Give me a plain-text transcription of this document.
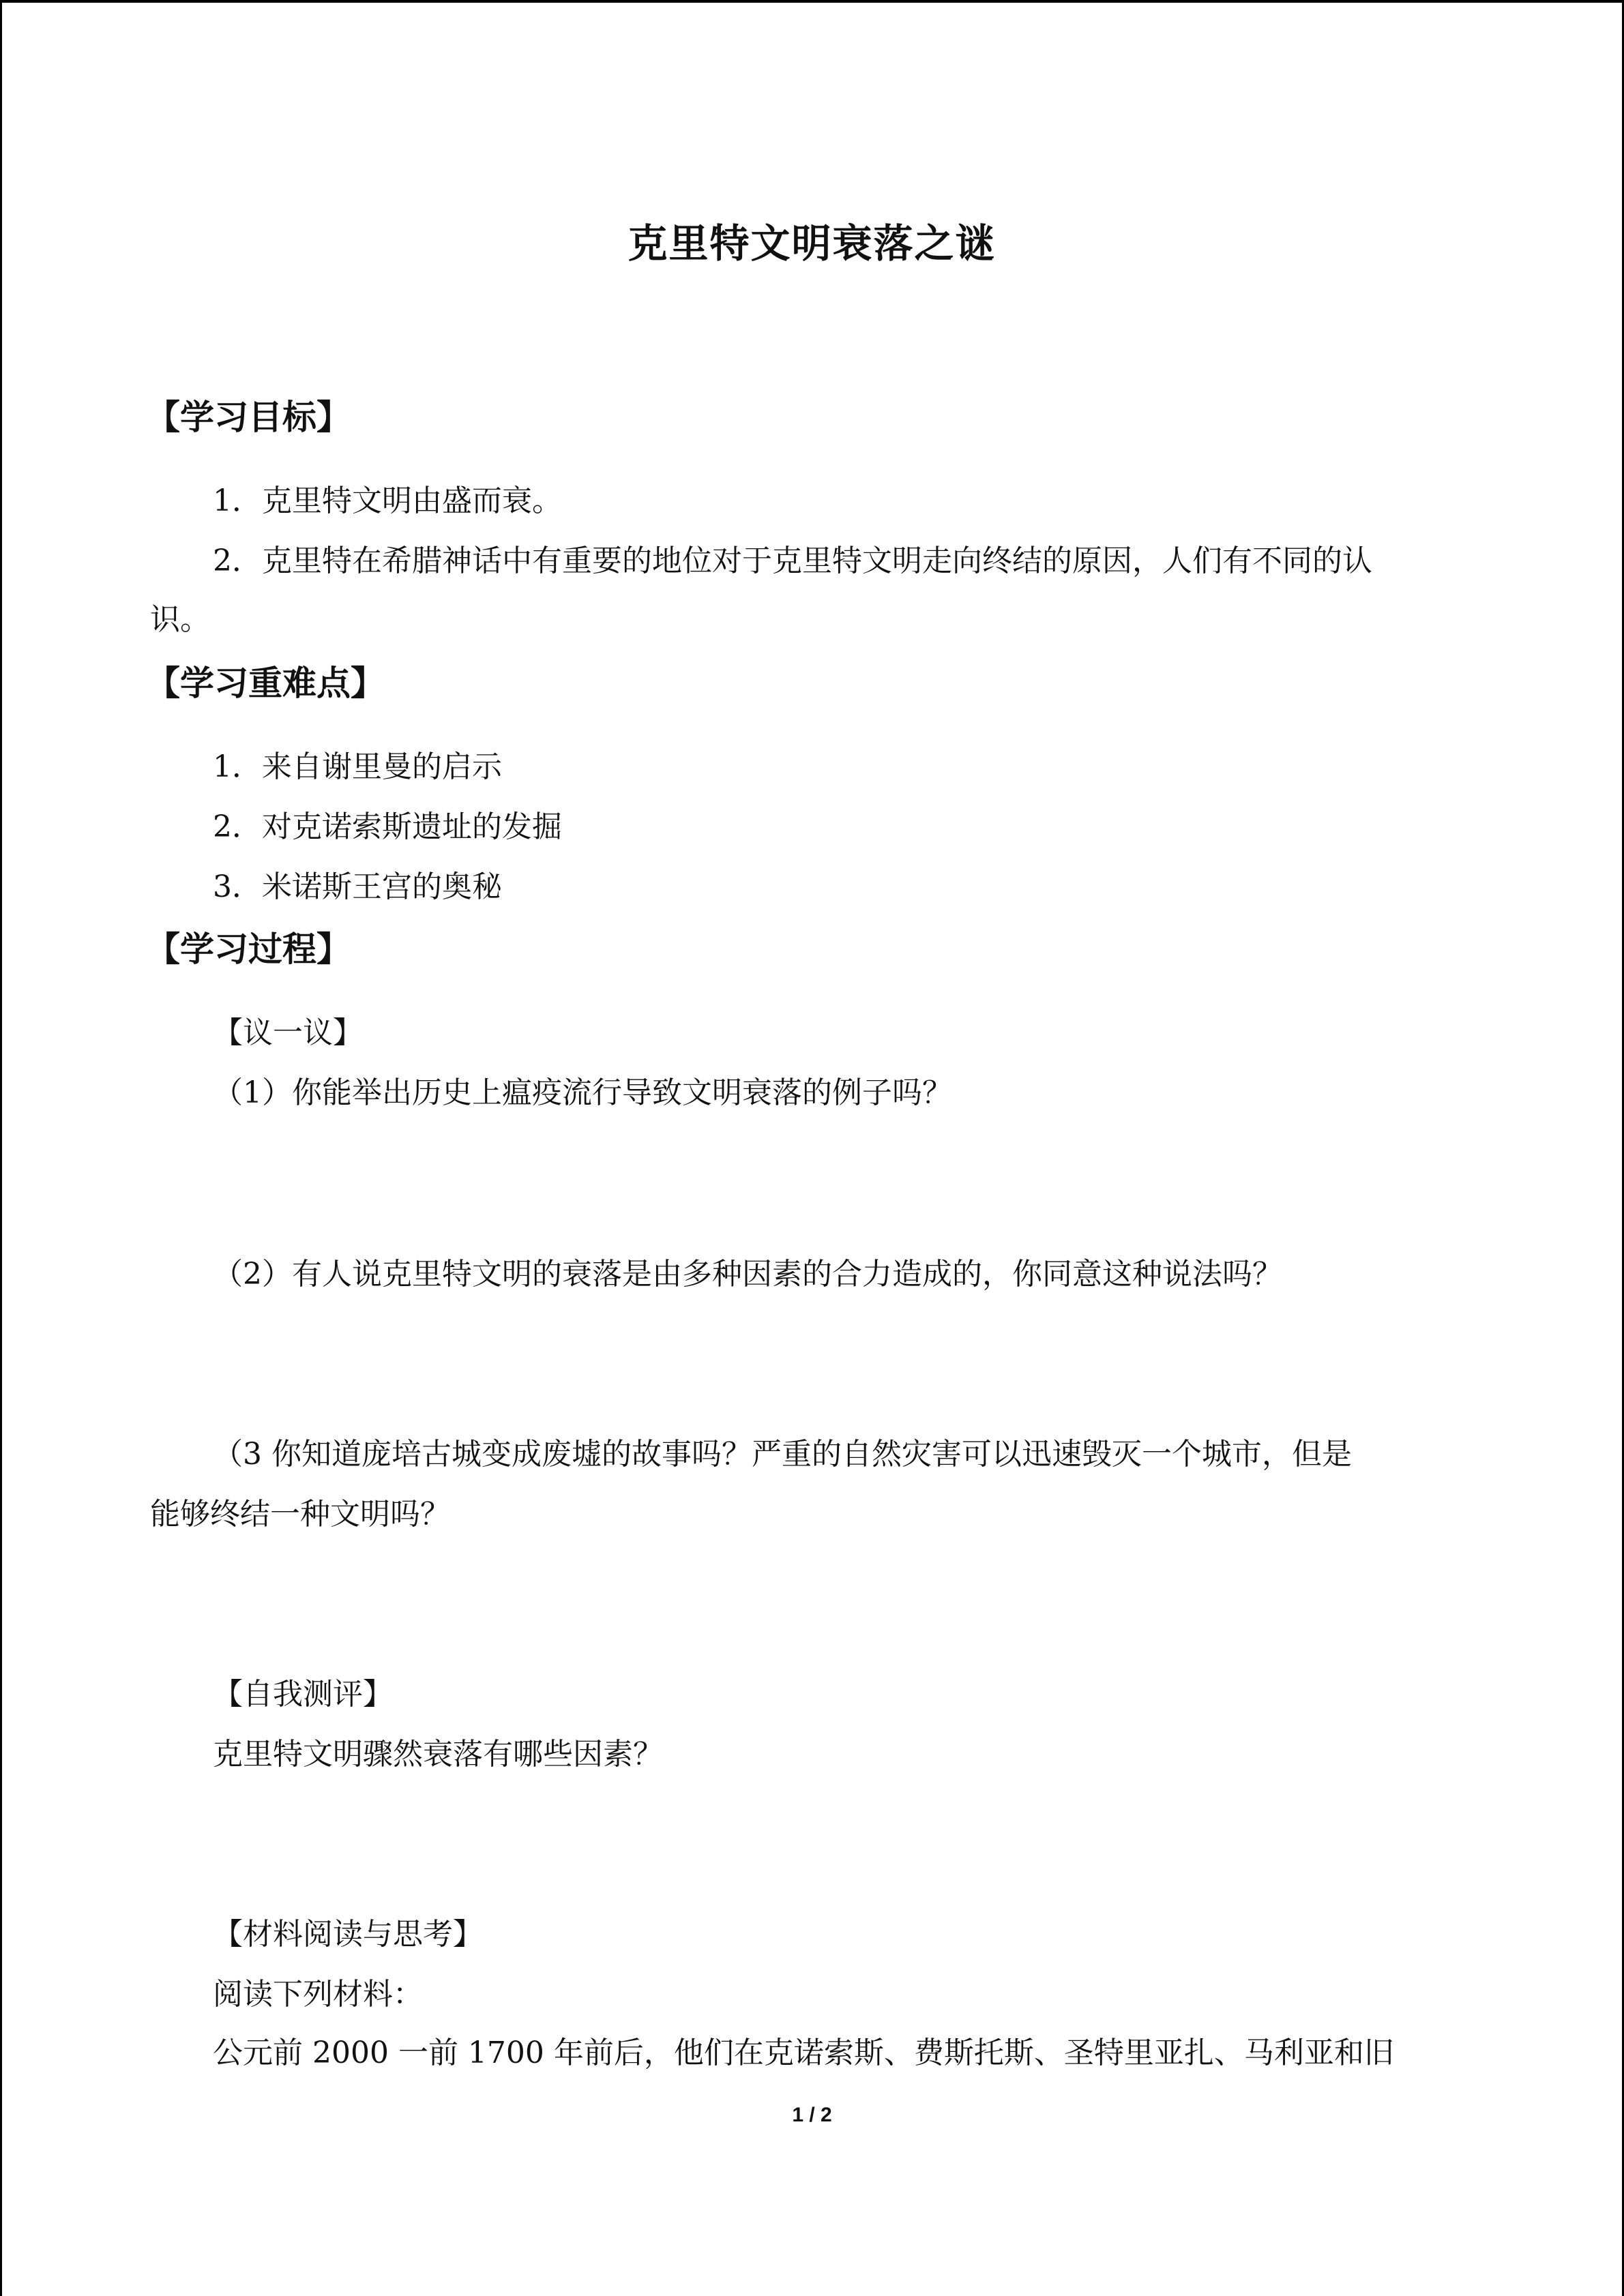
克里特文明衰落之谜
【学习目标】
1．克里特文明由盛而衰。
2．克里特在希腊神话中有重要的地位对于克里特文明走向终结的原因，人们有不同的认
识。
【学习重难点】
1．来自谢里曼的启示
2．对克诺索斯遗址的发掘
3．米诺斯王宫的奥秘
【学习过程】
【议一议】
（1）你能举出历史上瘟疫流行导致文明衰落的例子吗？
（2）有人说克里特文明的衰落是由多种因素的合力造成的，你同意这种说法吗？
（3 你知道庞培古城变成废墟的故事吗？严重的自然灾害可以迅速毁灭一个城市，但是
能够终结一种文明吗？
【自我测评】
克里特文明骤然衰落有哪些因素？
【材料阅读与思考】
阅读下列材料：
公元前 2000 一前 1700 年前后，他们在克诺索斯、费斯托斯、圣特里亚扎、马利亚和旧
1 / 2
